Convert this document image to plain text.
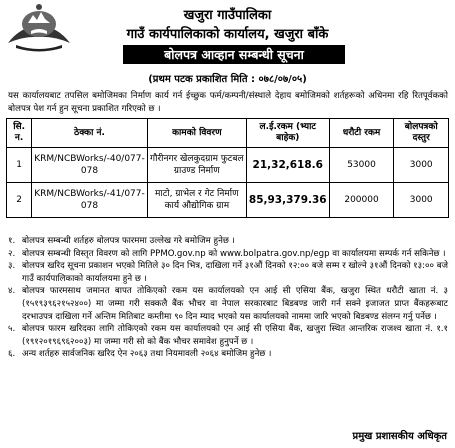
खजुरा गाउँपालिका
गाउँ कार्यपालिकाको कार्यालय, खजुरा बाँके
बोलपत्र आव्हान सम्बन्धी सूचना
(प्रथम पटक प्रकाशित मिति : ०७८/०७/०५)
यस कार्यालयबाट तपसिल बमोजिमका निर्माण कार्य गर्न ईच्छुक फर्म/कम्पनी/संस्थाले देहाय बमोजिमको शर्तहरूको अधिनमा रहि रितपूर्वकको बोलपत्र पेश गर्न हुन सूचना प्रकाशित गरिएको छ ।
सि. न.	ठेक्का नं.	कामको विवरण	ल.ई.रकम (भ्याट बाहेक)	धरौटी रकम	बोलपत्रको दस्तुर
1	KRM/NCBWorks/-40/077-078	गौरीनगर खेलकुदग्राम फुटबल ग्राउण्ड निर्माण	21,32,618.6	53000	3000
2	KRM/NCBWorks/-41/077-078	माटो, ग्राभेल र गेट निर्माण कार्य औद्योगिक ग्राम	85,93,379.36	200000	3000
१. बोलपत्र सम्बन्धी शर्तहरु बोलपत्र फारममा उल्लेख गरे बमोजिम हुनेछ ।
२. बोलपत्र सम्बन्धी विस्तृत विवरण को लागि PPMO.gov.np को www.bolpatra.gov.np/egp वा कार्यालयमा सम्पर्क गर्न सकिनेछ ।
३. बोलपत्र खरिद सूचना प्रकाशन भएको मितिले ३० दिन भित्र, दाखिला गर्ने ३१औं दिनको १२:०० बजे सम्म र खोल्ने ३१औं दिनको १३:०० बजे गाउँ कार्यपालिकाको कार्यालयमा हुने छ ।
४. बोलपत्र फारमसाथ जमानत बापत तोकिएको रकम यस कार्यालयको एन आई सी एसिया बैंक, खजुरा स्थित धरौटी खाता नं. ३ (१५१९३९६२१५२४००) मा जम्मा गरी सक्कलै बैंक भौचर वा नेपाल सरकारबाट बिडबण्ड जारी गर्न सक्ने इजाजत प्राप्त बैंकहरूबाट दरभाउपत्र दाखिला गर्ने अन्तिम मितिबाट कम्तीमा ९० दिन म्याद भएको यस कार्यालयको नाममा जारि भएको बिडबण्ड संलग्न गर्नु पर्नेछ ।
५. बोलपत्र फारम खरिदका लागि तोकिएको रकम यस कार्यालयको एन आई सी एसिया बैंक, खजुरा स्थित आन्तरिक राजश्व खाता नं. १.१ (१९१२०१९६९६२००३) मा जम्मा गरी सो को बैंक भौचर समावेश हुनुपर्ने छ ।
६. अन्य शर्तहरु सार्वजनिक खरिद ऐन २०६३ तथा नियमावली २०६४ बमोजिम हुनेछ ।
प्रमुख प्रशासकीय अधिकृत
